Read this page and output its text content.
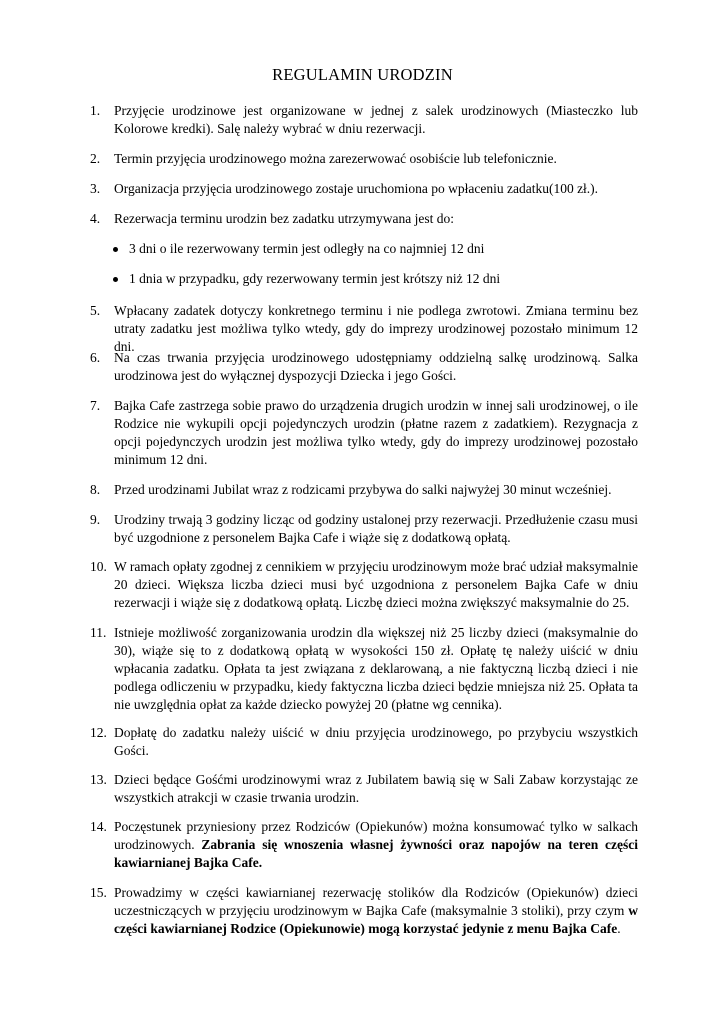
REGULAMIN URODZIN
1.	Przyjęcie urodzinowe jest organizowane w jednej z salek urodzinowych (Miasteczko lub Kolorowe kredki). Salę należy wybrać w dniu rezerwacji.
2.	Termin przyjęcia urodzinowego można zarezerwować osobiście lub telefonicznie.
3.	Organizacja przyjęcia urodzinowego zostaje uruchomiona po wpłaceniu zadatku(100 zł.).
4.	Rezerwacja terminu urodzin bez zadatku utrzymywana jest do:
3 dni o ile rezerwowany termin jest odległy na co najmniej 12 dni
1 dnia w przypadku, gdy rezerwowany termin jest krótszy niż 12 dni
5.	Wpłacany zadatek dotyczy konkretnego terminu i nie podlega zwrotowi. Zmiana terminu bez utraty zadatku jest możliwa tylko wtedy, gdy do imprezy urodzinowej pozostało minimum 12 dni.
6.	Na czas trwania przyjęcia urodzinowego udostępniamy oddzielną salkę urodzinową. Salka urodzinowa jest do wyłącznej dyspozycji Dziecka i jego Gości.
7.	Bajka Cafe zastrzega sobie prawo do urządzenia drugich urodzin w innej sali urodzinowej, o ile Rodzice nie wykupili opcji pojedynczych urodzin (płatne razem z zadatkiem). Rezygnacja z opcji pojedynczych urodzin jest możliwa tylko wtedy, gdy do imprezy urodzinowej pozostało minimum 12 dni.
8.	Przed urodzinami Jubilat wraz z rodzicami przybywa do salki najwyżej 30 minut wcześniej.
9.	Urodziny trwają 3 godziny licząc od godziny ustalonej przy rezerwacji. Przedłużenie czasu musi być uzgodnione z personelem Bajka Cafe i wiąże się z dodatkową opłatą.
10. W ramach opłaty zgodnej z cennikiem w przyjęciu urodzinowym może brać udział maksymalnie 20 dzieci. Większa liczba dzieci musi być uzgodniona z personelem Bajka Cafe w dniu rezerwacji i wiąże się z dodatkową opłatą. Liczbę dzieci można zwiększyć maksymalnie do 25.
11. Istnieje możliwość zorganizowania urodzin dla większej niż 25 liczby dzieci (maksymalnie do 30), wiąże się to z dodatkową opłatą w wysokości 150 zł. Opłatę tę należy uiścić w dniu wpłacania zadatku. Opłata ta jest związana z deklarowaną, a nie faktyczną liczbą dzieci i nie podlega odliczeniu w przypadku, kiedy faktyczna liczba dzieci będzie mniejsza niż 25. Opłata ta nie uwzględnia opłat za każde dziecko powyżej 20 (płatne wg cennika).
12. Dopłatę do zadatku należy uiścić w dniu przyjęcia urodzinowego, po przybyciu wszystkich Gości.
13. Dzieci będące Gośćmi urodzinowymi wraz z Jubilatem bawią się w Sali Zabaw korzystając ze wszystkich atrakcji w czasie trwania urodzin.
14. Poczęstunek przyniesiony przez Rodziców (Opiekunów) można konsumować tylko w salkach urodzinowych. Zabrania się wnoszenia własnej żywności oraz napojów na teren części kawiarnianej Bajka Cafe.
15. Prowadzimy w części kawiarnianej rezerwację stolików dla Rodziców (Opiekunów) dzieci uczestniczących w przyjęciu urodzinowym w Bajka Cafe (maksymalnie 3 stoliki), przy czym w części kawiarnianej Rodzice (Opiekunowie) mogą korzystać jedynie z menu Bajka Cafe.
